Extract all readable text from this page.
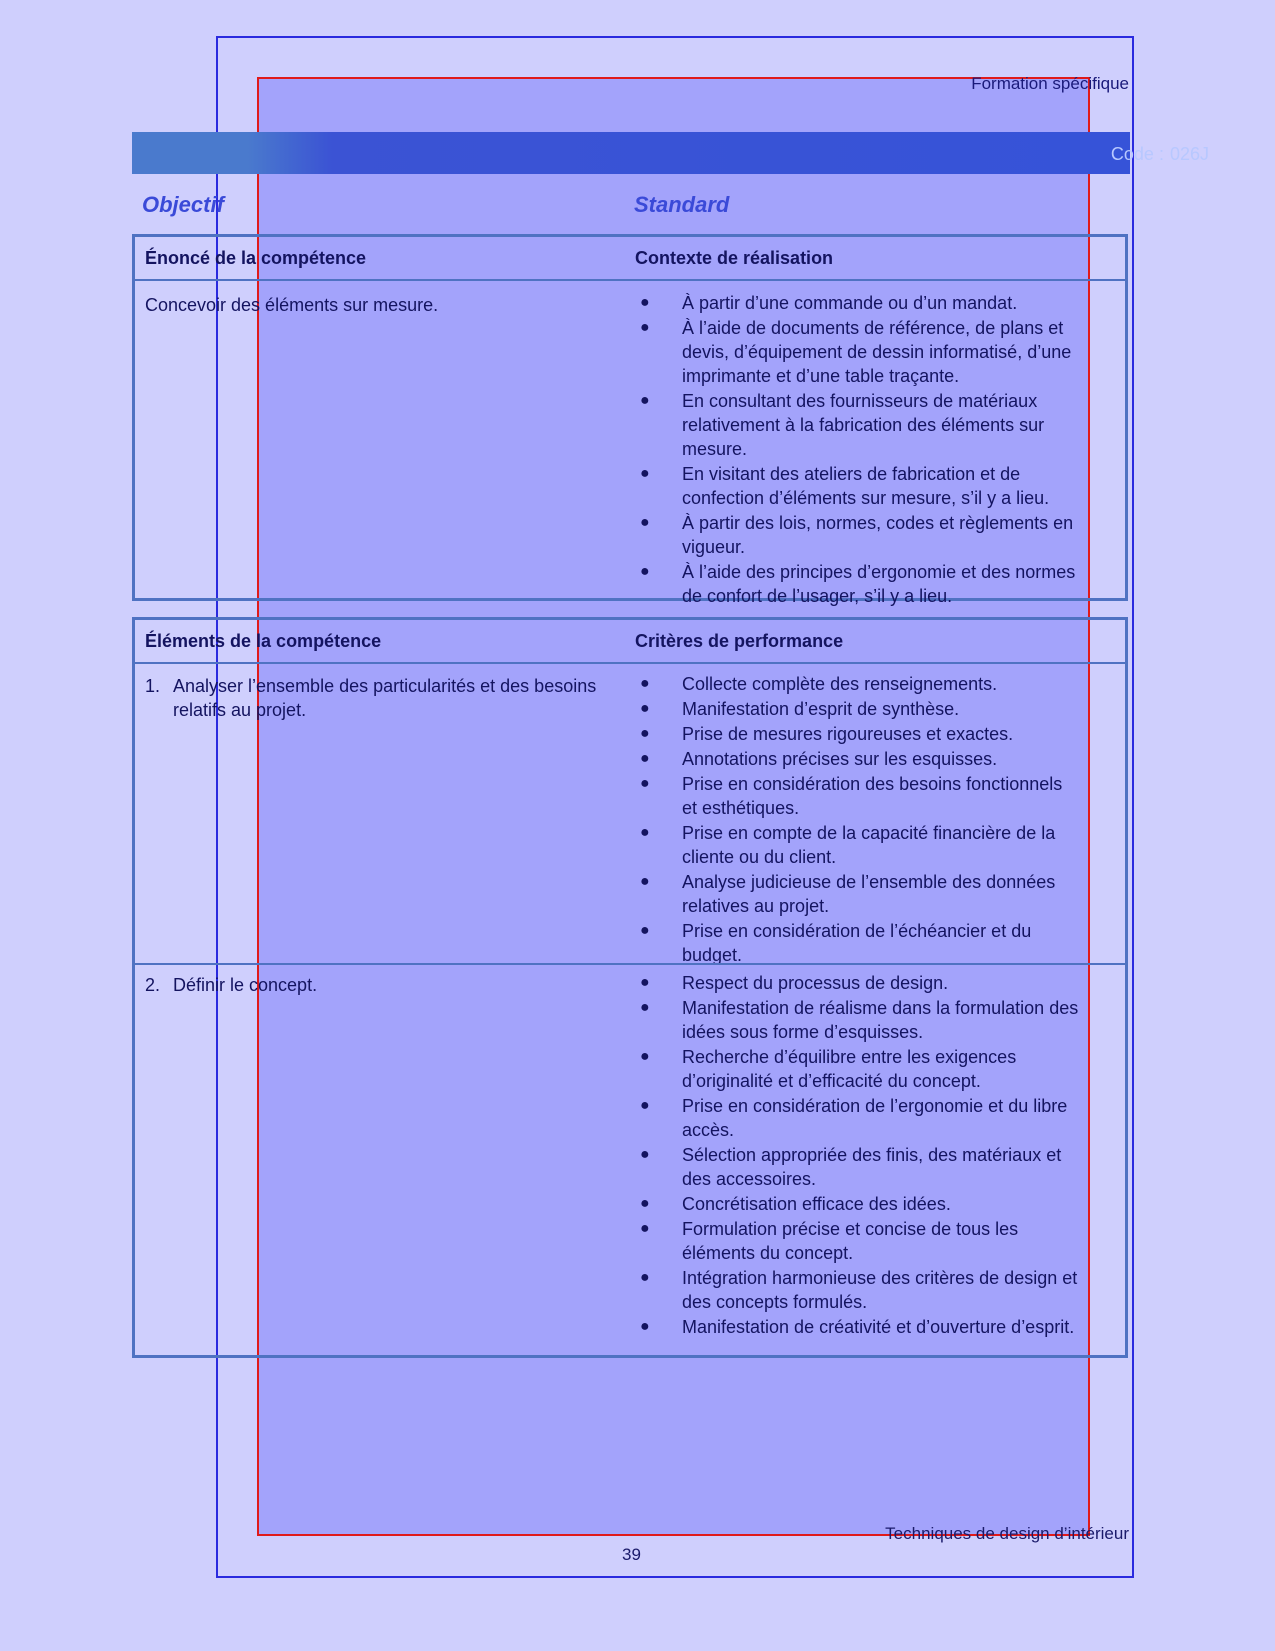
Formation spécifique
Code : 026J
Objectif	Standard
Énoncé de la compétence	Contexte de réalisation
Concevoir des éléments sur mesure.	● À partir d’une commande ou d’un mandat.
● À l’aide de documents de référence, de plans et devis, d’équipement de dessin informatisé, d’une imprimante et d’une table traçante.
● En consultant des fournisseurs de matériaux relativement à la fabrication des éléments sur mesure.
● En visitant des ateliers de fabrication et de confection d’éléments sur mesure, s’il y a lieu.
● À partir des lois, normes, codes et règlements en vigueur.
● À l’aide des principes d’ergonomie et des normes de confort de l’usager, s’il y a lieu.
Éléments de la compétence	Critères de performance
1. Analyser l’ensemble des particularités et des besoins relatifs au projet.
● Collecte complète des renseignements.
● Manifestation d’esprit de synthèse.
● Prise de mesures rigoureuses et exactes.
● Annotations précises sur les esquisses.
● Prise en considération des besoins fonctionnels et esthétiques.
● Prise en compte de la capacité financière de la cliente ou du client.
● Analyse judicieuse de l’ensemble des données relatives au projet.
● Prise en considération de l’échéancier et du budget.
2. Définir le concept.	● Respect du processus de design.
● Manifestation de réalisme dans la formulation des idées sous forme d’esquisses.
● Recherche d’équilibre entre les exigences d’originalité et d’efficacité du concept.
● Prise en considération de l’ergonomie et du libre accès.
● Sélection appropriée des finis, des matériaux et des accessoires.
● Concrétisation efficace des idées.
● Formulation précise et concise de tous les éléments du concept.
● Intégration harmonieuse des critères de design et des concepts formulés.
● Manifestation de créativité et d’ouverture d’esprit.
Techniques de design d’intérieur
39
